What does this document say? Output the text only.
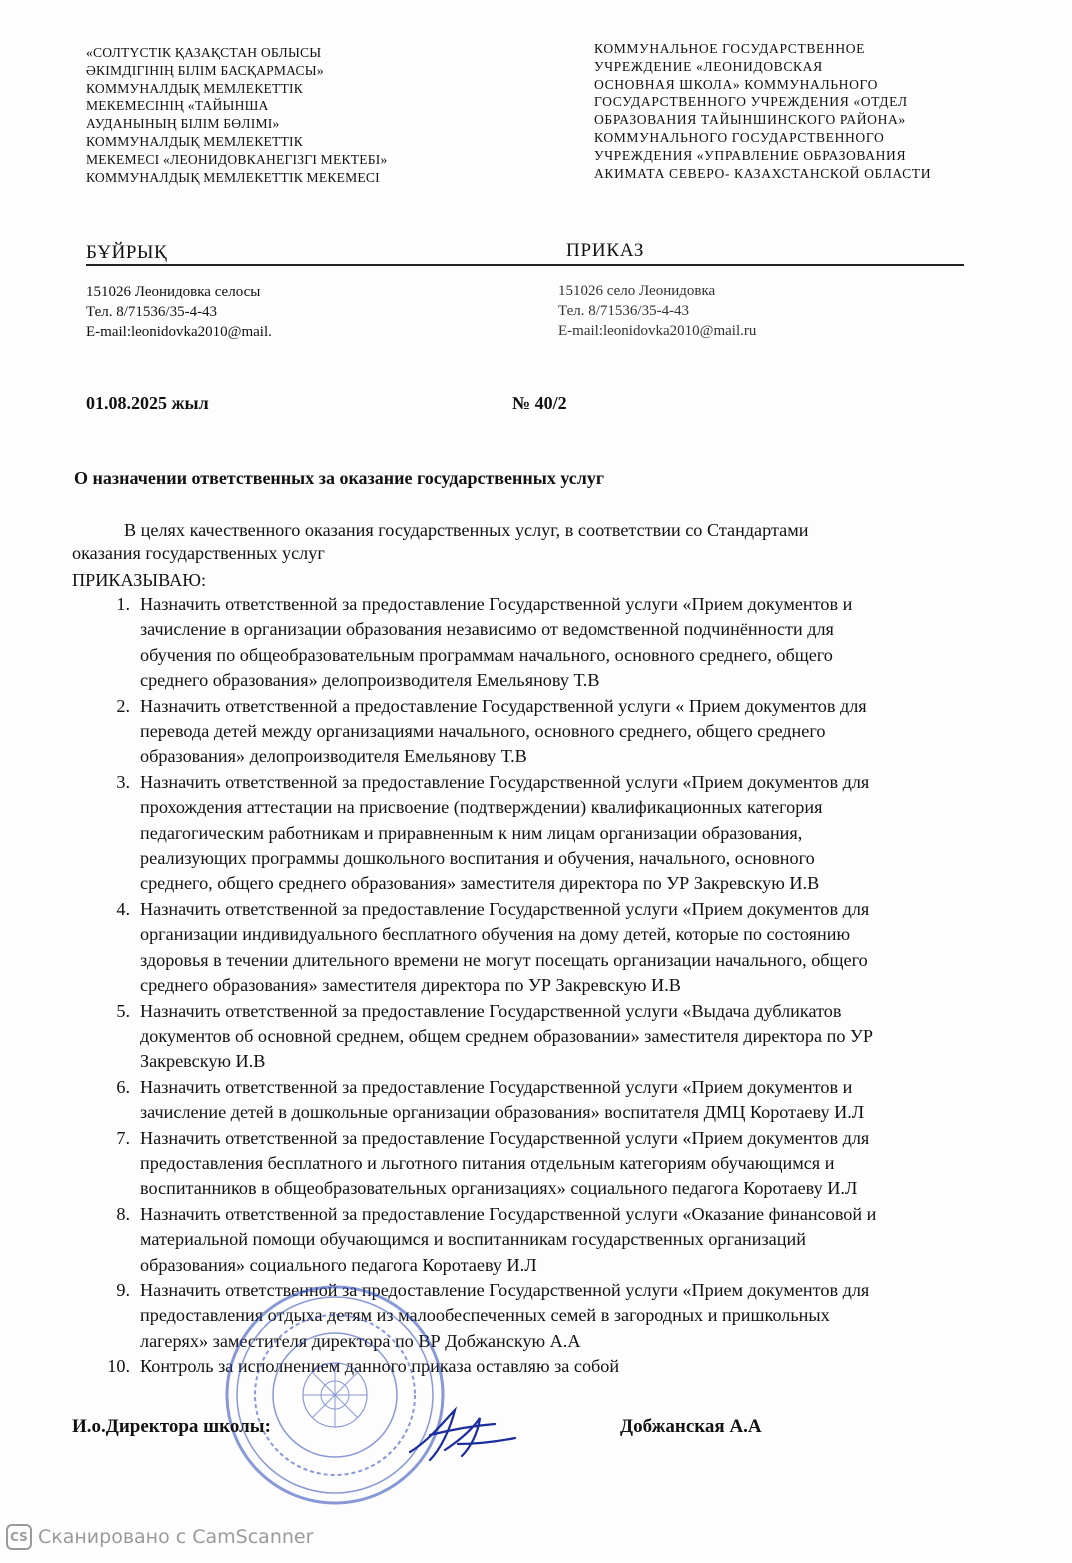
«СОЛТҮСТІК ҚАЗАҚСТАН ОБЛЫСЫ
ӘКІМДІГІНІҢ БІЛІМ БАСҚАРМАСЫ»
КОММУНАЛДЫҚ МЕМЛЕКЕТТІК
МЕКЕМЕСІНІҢ «ТАЙЫНША
АУДАНЫНЫҢ БІЛІМ БӨЛІМІ»
КОММУНАЛДЫҚ МЕМЛЕКЕТТІК
МЕКЕМЕСІ «ЛЕОНИДОВКАНЕГІЗГІ МЕКТЕБІ»
КОММУНАЛДЫҚ МЕМЛЕКЕТТІК МЕКЕМЕСІ
КОММУНАЛЬНОЕ ГОСУДАРСТВЕННОЕ
УЧРЕЖДЕНИЕ «ЛЕОНИДОВСКАЯ
ОСНОВНАЯ ШКОЛА» КОММУНАЛЬНОГО
ГОСУДАРСТВЕННОГО УЧРЕЖДЕНИЯ «ОТДЕЛ
ОБРАЗОВАНИЯ ТАЙЫНШИНСКОГО РАЙОНА»
КОММУНАЛЬНОГО ГОСУДАРСТВЕННОГО
УЧРЕЖДЕНИЯ «УПРАВЛЕНИЕ ОБРАЗОВАНИЯ
АКИМАТА СЕВЕРО- КАЗАХСТАНСКОЙ ОБЛАСТИ
БҰЙРЫҚ	ПРИКАЗ
151026 Леонидовка селосы
Тел. 8/71536/35-4-43
E-mail:leonidovka2010@mail.
151026 село Леонидовка
Тел. 8/71536/35-4-43
E-mail:leonidovka2010@mail.ru
01.08.2025 жыл	№ 40/2
О назначении ответственных за оказание государственных услуг
В целях качественного оказания государственных услуг, в соответствии со Стандартами
оказания государственных услуг
ПРИКАЗЫВАЮ:
1. Назначить ответственной за предоставление Государственной услуги «Прием документов и
зачисление в организации образования независимо от ведомственной подчинённости для
обучения по общеобразовательным программам начального, основного среднего, общего
среднего образования» делопроизводителя Емельянову Т.В
2. Назначить ответственной а предоставление Государственной услуги « Прием документов для
перевода детей между организациями начального, основного среднего, общего среднего
образования» делопроизводителя Емельянову Т.В
3. Назначить ответственной за предоставление Государственной услуги «Прием документов для
прохождения аттестации на присвоение (подтверждении) квалификационных категория
педагогическим работникам и приравненным к ним лицам организации образования,
реализующих программы дошкольного воспитания и обучения, начального, основного
среднего, общего среднего образования» заместителя директора по УР Закревскую И.В
4. Назначить ответственной за предоставление Государственной услуги «Прием документов для
организации индивидуального бесплатного обучения на дому детей, которые по состоянию
здоровья в течении длительного времени не могут посещать организации начального, общего
среднего образования» заместителя директора по УР Закревскую И.В
5. Назначить ответственной за предоставление Государственной услуги «Выдача дубликатов
документов об основной среднем, общем среднем образовании» заместителя директора по УР
Закревскую И.В
6. Назначить ответственной за предоставление Государственной услуги «Прием документов и
зачисление детей в дошкольные организации образования» воспитателя ДМЦ Коротаеву И.Л
7. Назначить ответственной за предоставление Государственной услуги «Прием документов для
предоставления бесплатного и льготного питания отдельным категориям обучающимся и
воспитанников в общеобразовательных организациях» социального педагога Коротаеву И.Л
8. Назначить ответственной за предоставление Государственной услуги «Оказание финансовой и
материальной помощи обучающимся и воспитанникам государственных организаций
образования» социального педагога Коротаеву И.Л
9. Назначить ответственной за предоставление Государственной услуги «Прием документов для
предоставления отдыха детям из малообеспеченных семей в загородных и пришкольных
лагерях» заместителя директора по ВР Добжанскую А.А
10. Контроль за исполнением данного приказа оставляю за собой
И.о.Директора школы:	Добжанская А.А
CS Сканировано с CamScanner
